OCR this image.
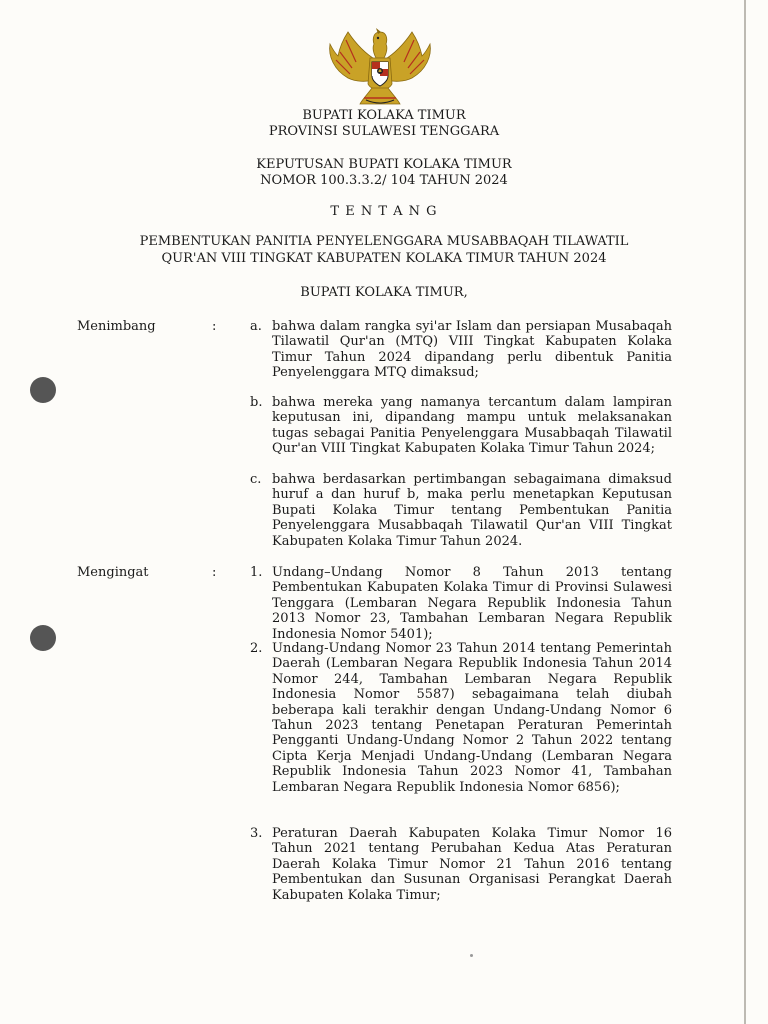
BUPATI KOLAKA TIMUR
PROVINSI SULAWESI TENGGARA
KEPUTUSAN BUPATI KOLAKA TIMUR
NOMOR 100.3.3.2/ 104 TAHUN 2024
T E N T A N G
PEMBENTUKAN PANITIA PENYELENGGARA MUSABBAQAH TILAWATIL
QUR'AN VIII TINGKAT KABUPATEN KOLAKA TIMUR TAHUN 2024
BUPATI KOLAKA TIMUR,
Menimbang	:	a. bahwa dalam rangka syi'ar Islam dan persiapan Musabaqah Tilawatil Qur'an (MTQ) VIII Tingkat Kabupaten Kolaka Timur Tahun 2024 dipandang perlu dibentuk Panitia Penyelenggara MTQ dimaksud;
b. bahwa mereka yang namanya tercantum dalam lampiran keputusan ini, dipandang mampu untuk melaksanakan tugas sebagai Panitia Penyelenggara Musabbaqah Tilawatil Qur'an VIII Tingkat Kabupaten Kolaka Timur Tahun 2024;
c. bahwa berdasarkan pertimbangan sebagaimana dimaksud huruf a dan huruf b, maka perlu menetapkan Keputusan Bupati Kolaka Timur tentang Pembentukan Panitia Penyelenggara Musabbaqah Tilawatil Qur'an VIII Tingkat Kabupaten Kolaka Timur Tahun 2024.
Mengingat	:	1. Undang–Undang Nomor 8 Tahun 2013 tentang Pembentukan Kabupaten Kolaka Timur di Provinsi Sulawesi Tenggara (Lembaran Negara Republik Indonesia Tahun 2013 Nomor 23, Tambahan Lembaran Negara Republik Indonesia Nomor 5401);
2. Undang-Undang Nomor 23 Tahun 2014 tentang Pemerintah Daerah (Lembaran Negara Republik Indonesia Tahun 2014 Nomor 244, Tambahan Lembaran Negara Republik Indonesia Nomor 5587) sebagaimana telah diubah beberapa kali terakhir dengan Undang-Undang Nomor 6 Tahun 2023 tentang Penetapan Peraturan Pemerintah Pengganti Undang-Undang Nomor 2 Tahun 2022 tentang Cipta Kerja Menjadi Undang-Undang (Lembaran Negara Republik Indonesia Tahun 2023 Nomor 41, Tambahan Lembaran Negara Republik Indonesia Nomor 6856);
3. Peraturan Daerah Kabupaten Kolaka Timur Nomor 16 Tahun 2021 tentang Perubahan Kedua Atas Peraturan Daerah Kolaka Timur Nomor 21 Tahun 2016 tentang Pembentukan dan Susunan Organisasi Perangkat Daerah Kabupaten Kolaka Timur;
